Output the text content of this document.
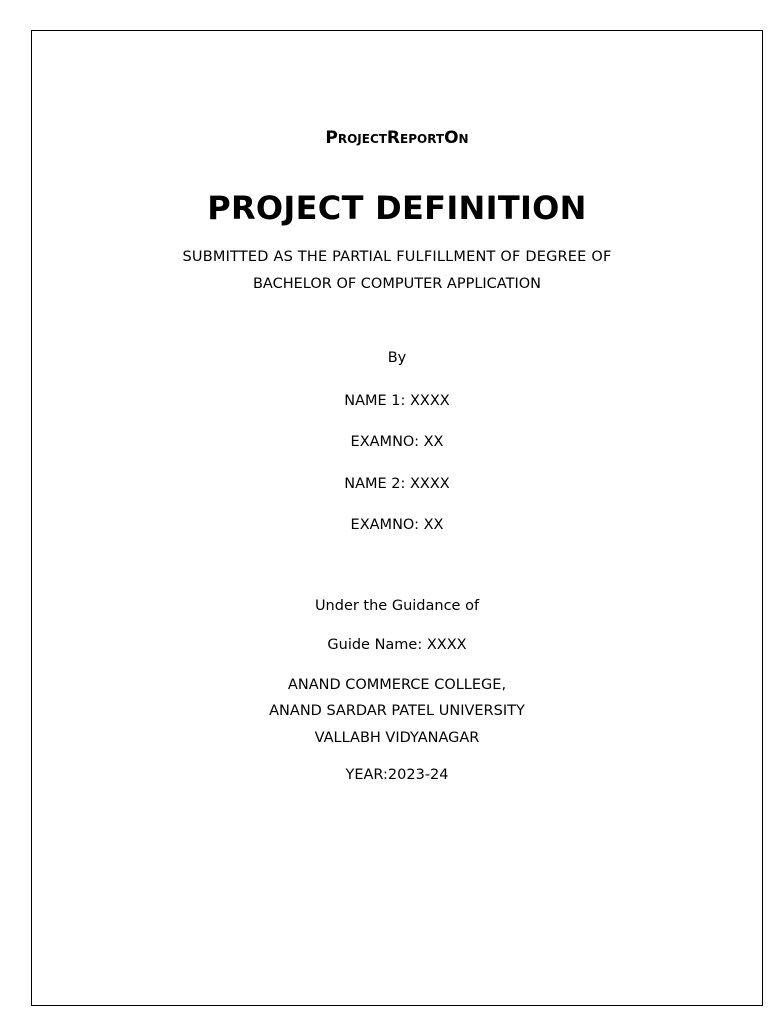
ProjectReportOn
PROJECT DEFINITION
SUBMITTED AS THE PARTIAL FULFILLMENT OF DEGREE OF
BACHELOR OF COMPUTER APPLICATION
By
NAME 1: XXXX
EXAMNO: XX
NAME 2: XXXX
EXAMNO: XX
Under the Guidance of
Guide Name: XXXX
ANAND COMMERCE COLLEGE,
ANAND SARDAR PATEL UNIVERSITY
VALLABH VIDYANAGAR
YEAR:2023-24
